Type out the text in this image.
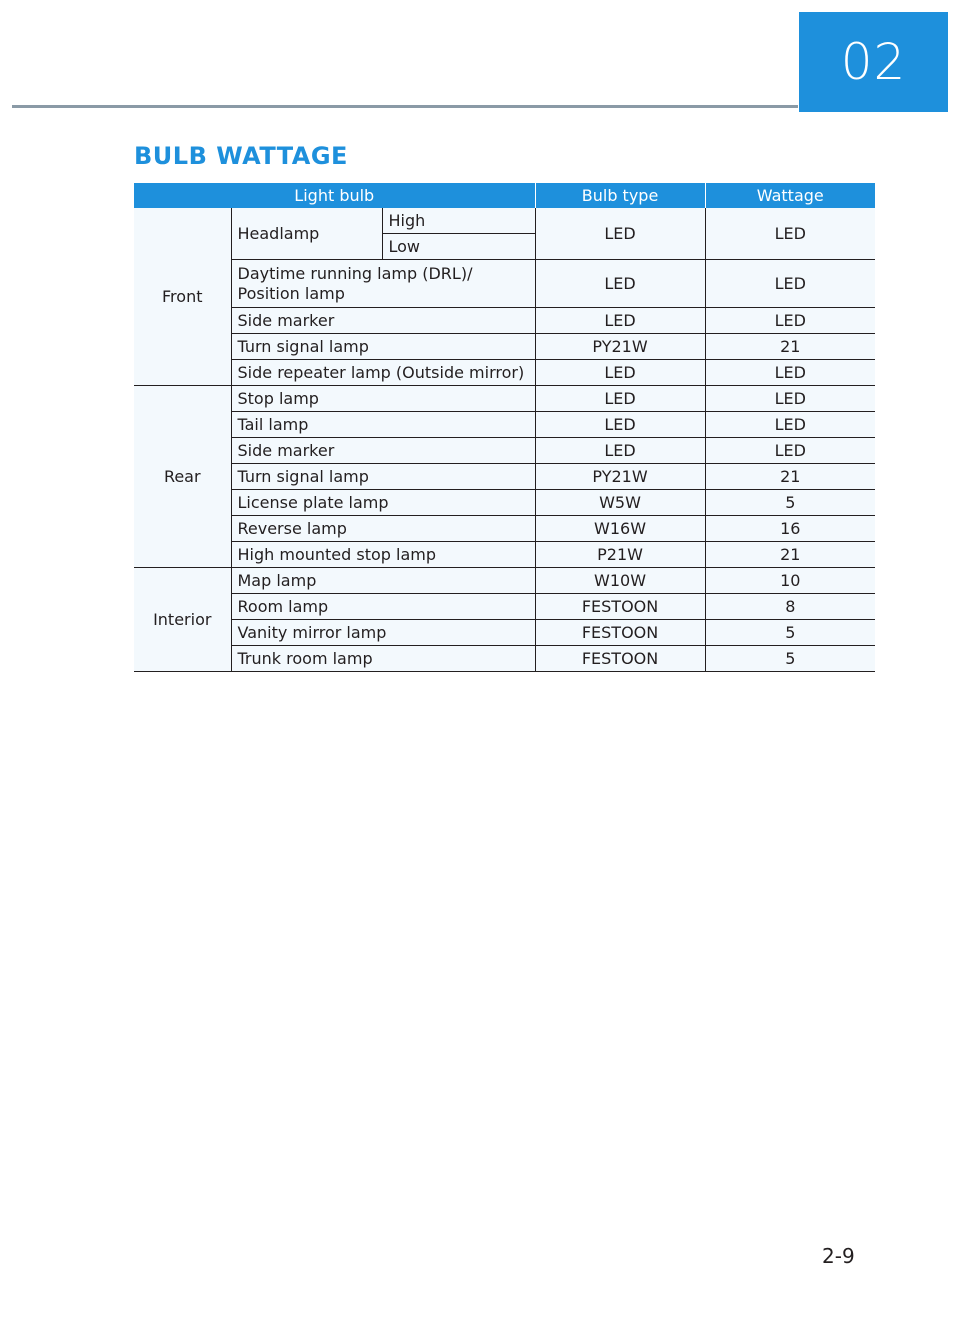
02
BULB WATTAGE
Light bulb			Bulb type	Wattage
Front	Headlamp	High	LED	LED
		Low		
	Daytime running lamp (DRL)/ Position lamp		LED	LED
	Side marker		LED	LED
	Turn signal lamp		PY21W	21
	Side repeater lamp (Outside mirror)		LED	LED
Rear	Stop lamp		LED	LED
	Tail lamp		LED	LED
	Side marker		LED	LED
	Turn signal lamp		PY21W	21
	License plate lamp		W5W	5
	Reverse lamp		W16W	16
	High mounted stop lamp		P21W	21
Interior	Map lamp		W10W	10
	Room lamp		FESTOON	8
	Vanity mirror lamp		FESTOON	5
	Trunk room lamp		FESTOON	5
2-9
